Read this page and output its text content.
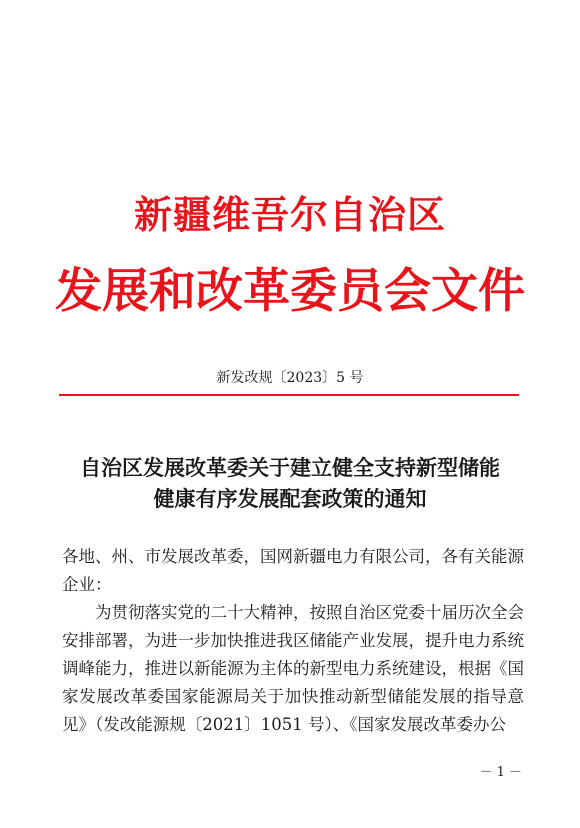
新疆维吾尔自治区
发展和改革委员会文件
新发改规〔2023〕5 号
自治区发展改革委关于建立健全支持新型储能
健康有序发展配套政策的通知

各地、州、市发展改革委，国网新疆电力有限公司，各有关能源企业：

为贯彻落实党的二十大精神，按照自治区党委十届历次全会安排部署，为进一步加快推进我区储能产业发展，提升电力系统调峰能力，推进以新能源为主体的新型电力系统建设，根据《国家发展改革委国家能源局关于加快推动新型储能发展的指导意见》（发改能源规〔2021〕1051 号）、《国家发展改革委办公

－ 1 －
